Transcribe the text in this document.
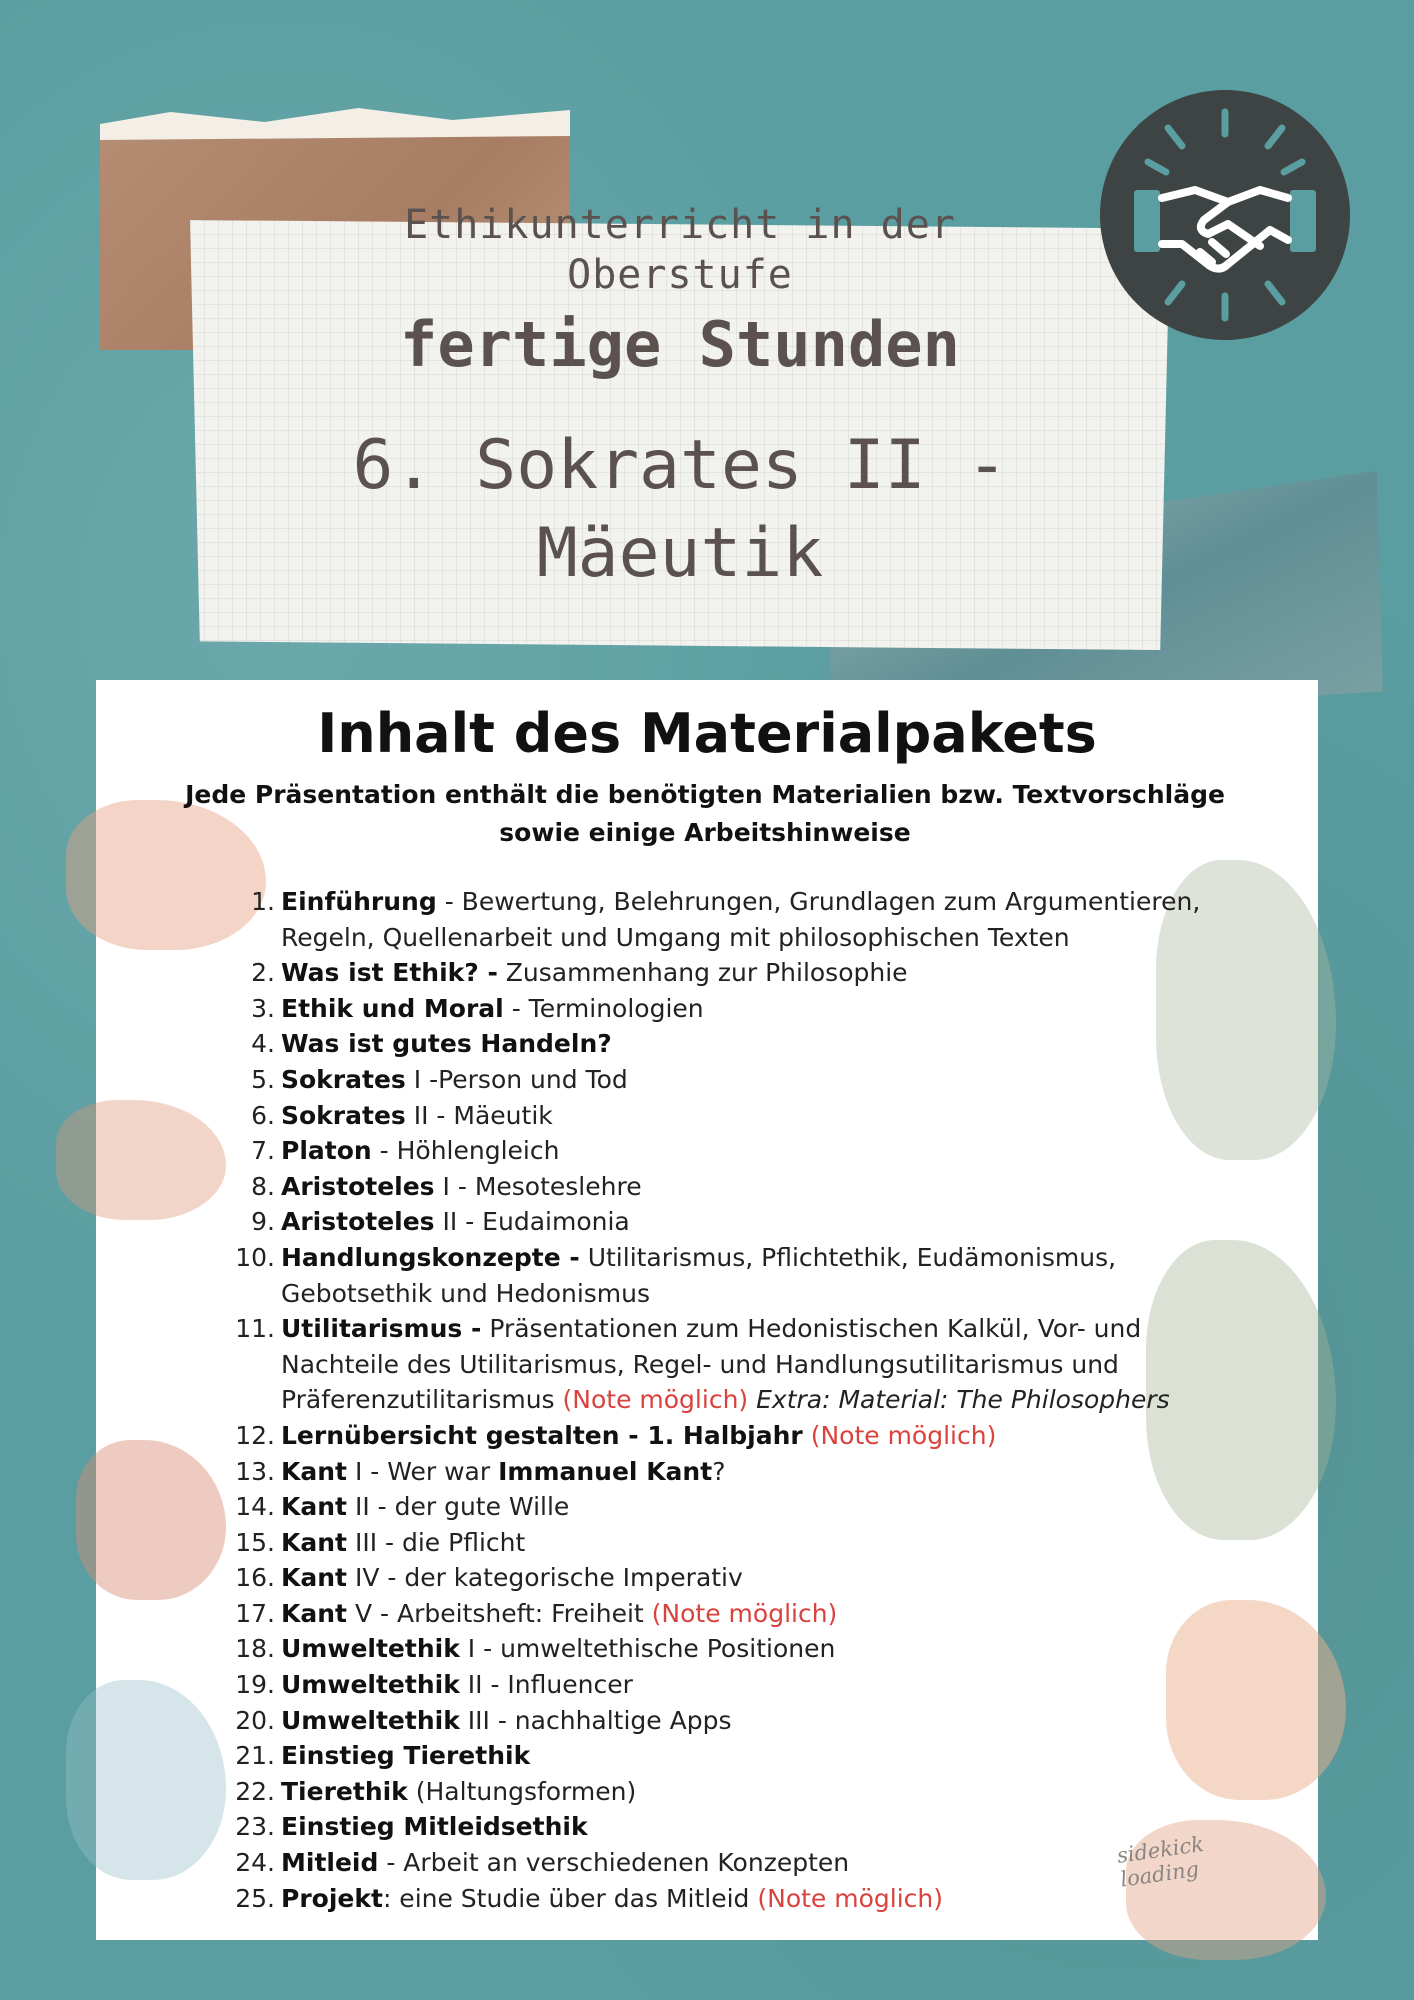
Ethikunterricht in der
Oberstufe
fertige Stunden
6. Sokrates II -
Mäeutik
Inhalt des Materialpakets
Jede Präsentation enthält die benötigten Materialien bzw. Textvorschläge
sowie einige Arbeitshinweise
1. Einführung - Bewertung, Belehrungen, Grundlagen zum Argumentieren,
Regeln, Quellenarbeit und Umgang mit philosophischen Texten
2. Was ist Ethik? - Zusammenhang zur Philosophie
3. Ethik und Moral - Terminologien
4. Was ist gutes Handeln?
5. Sokrates I -Person und Tod
6. Sokrates II - Mäeutik
7. Platon - Höhlengleich
8. Aristoteles I - Mesoteslehre
9. Aristoteles II - Eudaimonia
10. Handlungskonzepte - Utilitarismus, Pflichtethik, Eudämonismus,
Gebotsethik und Hedonismus
11. Utilitarismus - Präsentationen zum Hedonistischen Kalkül, Vor- und
Nachteile des Utilitarismus, Regel- und Handlungsutilitarismus und
Präferenzutilitarismus (Note möglich) Extra: Material: The Philosophers
12. Lernübersicht gestalten - 1. Halbjahr (Note möglich)
13. Kant I - Wer war Immanuel Kant?
14. Kant II - der gute Wille
15. Kant III - die Pflicht
16. Kant IV - der kategorische Imperativ
17. Kant V - Arbeitsheft: Freiheit (Note möglich)
18. Umweltethik I - umweltethische Positionen
19. Umweltethik II - Influencer
20. Umweltethik III - nachhaltige Apps
21. Einstieg Tierethik
22. Tierethik (Haltungsformen)
23. Einstieg Mitleidsethik
24. Mitleid - Arbeit an verschiedenen Konzepten
25. Projekt: eine Studie über das Mitleid (Note möglich)
sidekick loading
